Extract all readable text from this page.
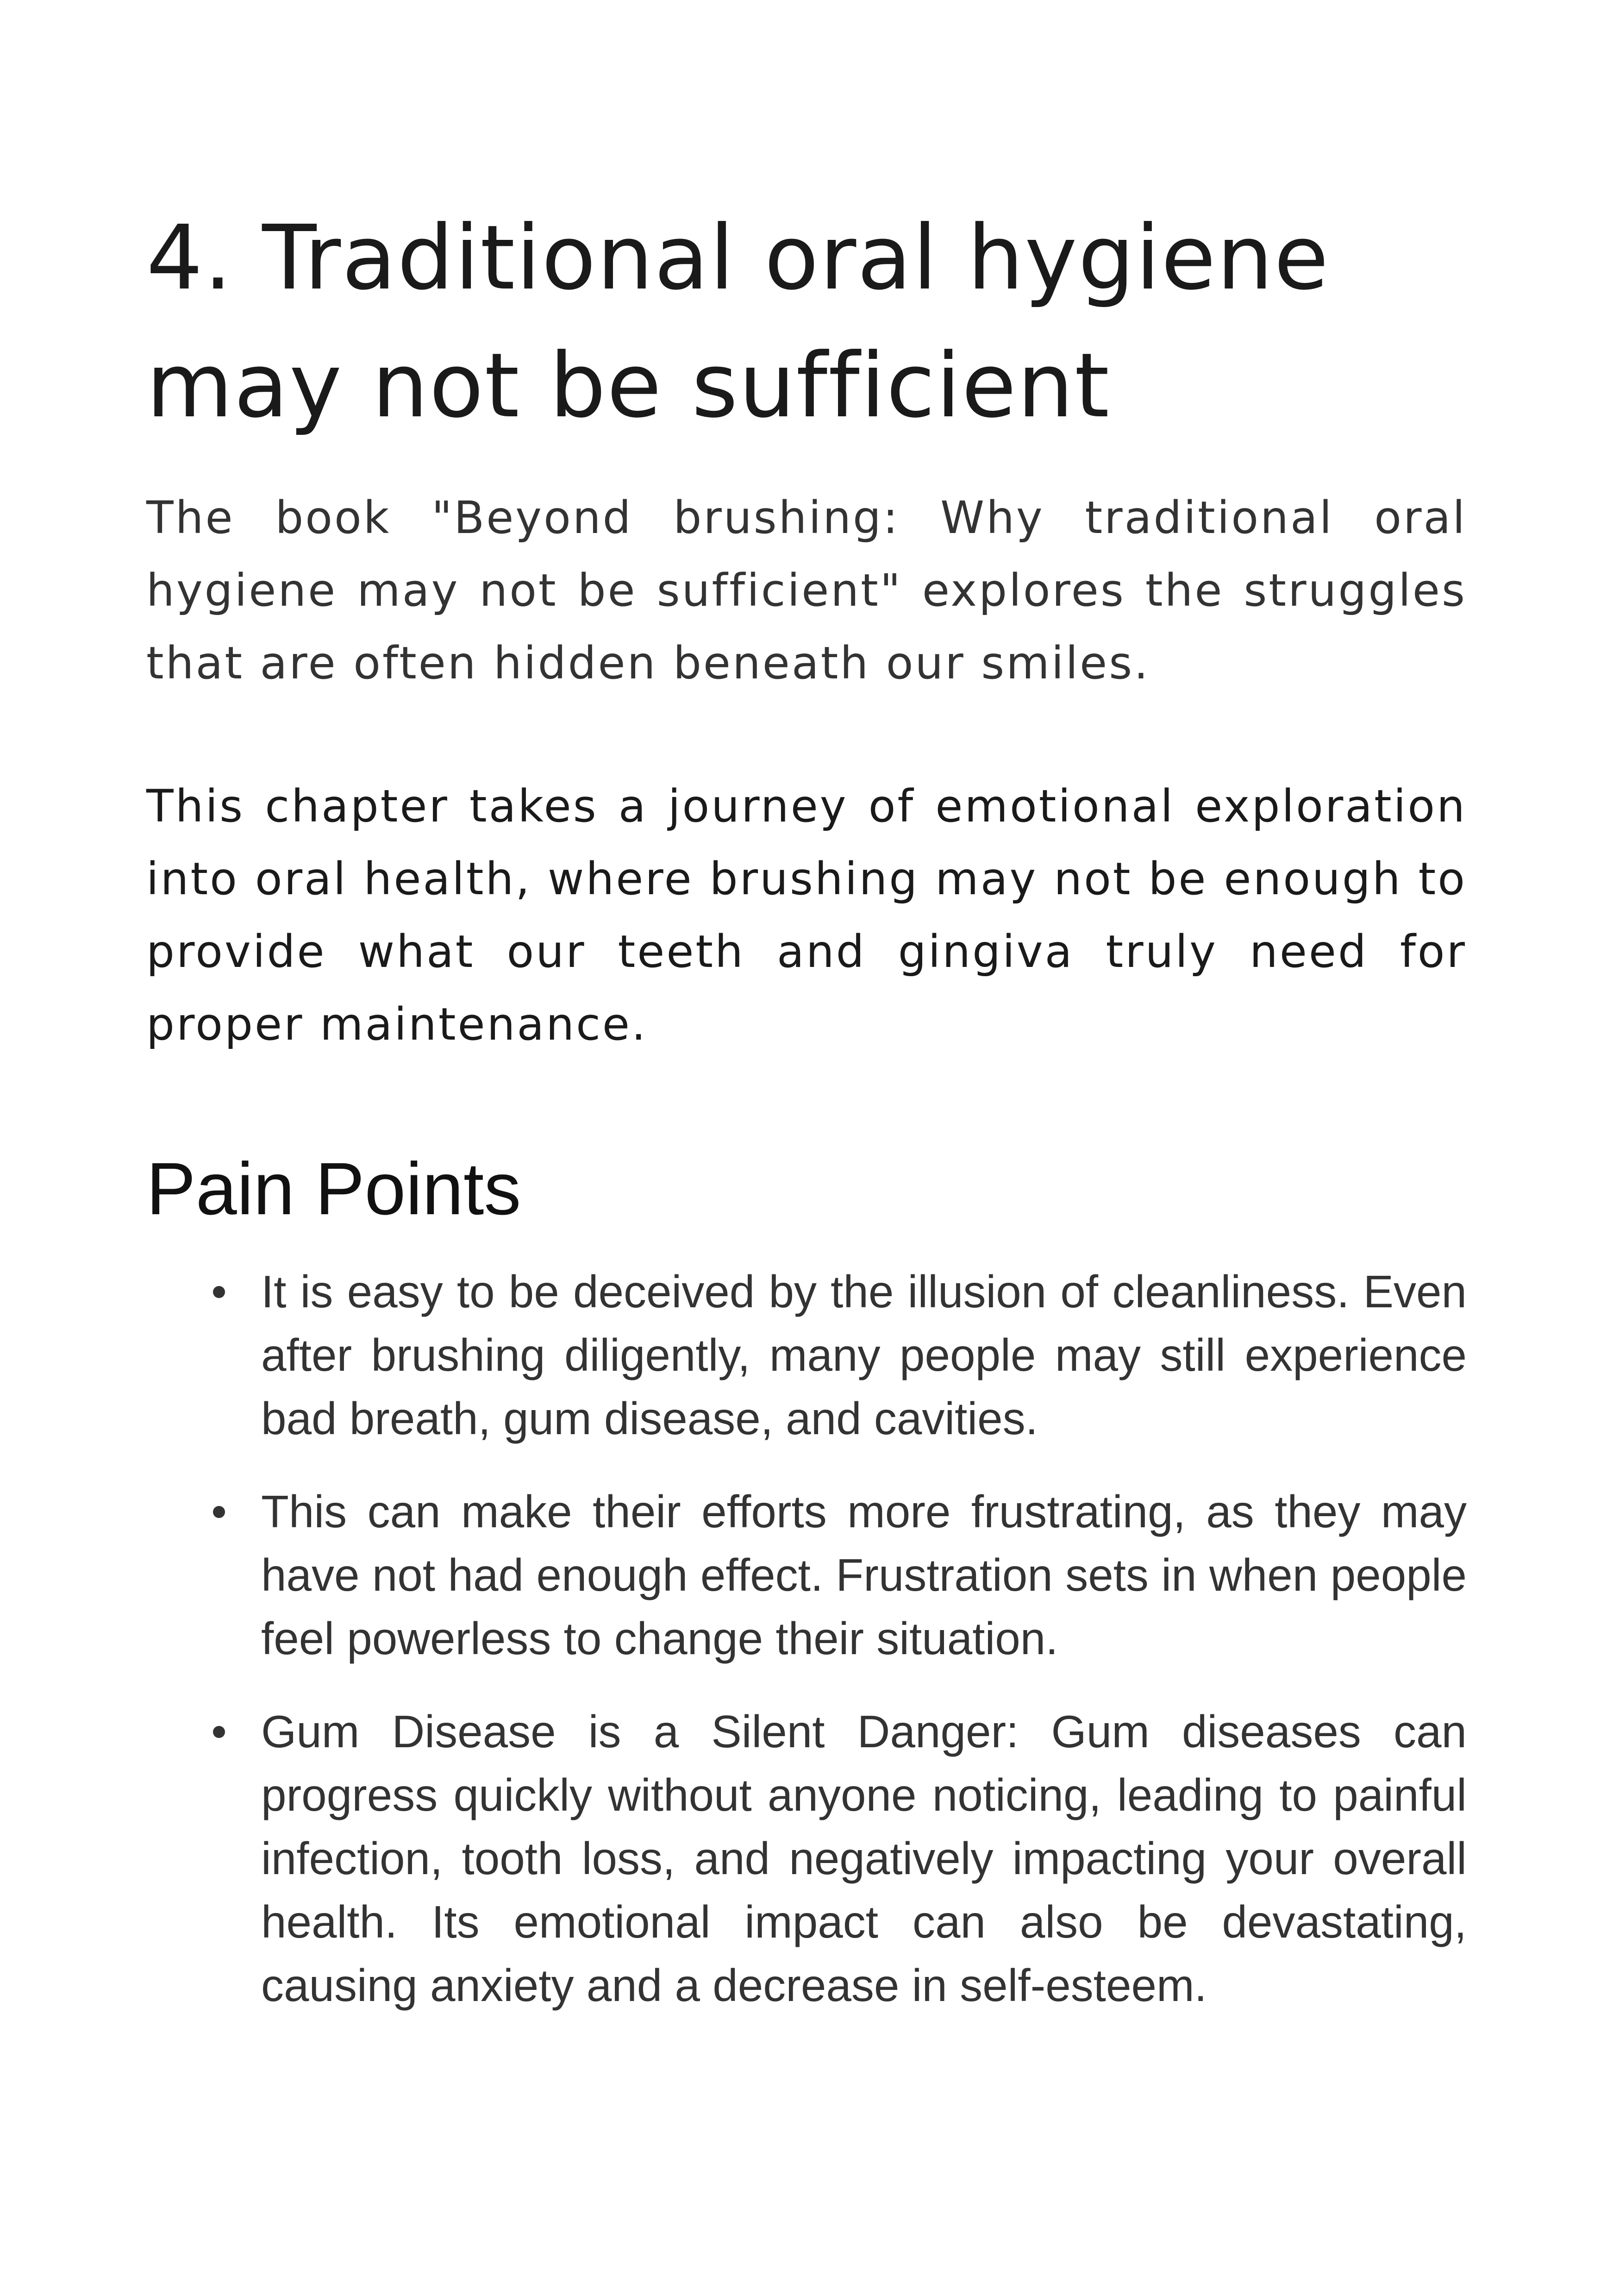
4. Traditional oral hygiene
may not be sufficient

The book "Beyond brushing: Why traditional oral hygiene may not be sufficient" explores the struggles that are often hidden beneath our smiles.

This chapter takes a journey of emotional exploration into oral health, where brushing may not be enough to provide what our teeth and gingiva truly need for proper maintenance.

Pain Points
It is easy to be deceived by the illusion of cleanliness. Even after brushing diligently, many people may still experience bad breath, gum disease, and cavities.
This can make their efforts more frustrating, as they may have not had enough effect. Frustration sets in when people feel powerless to change their situation.
Gum Disease is a Silent Danger: Gum diseases can progress quickly without anyone noticing, leading to painful infection, tooth loss, and negatively impacting your overall health. Its emotional impact can also be devastating, causing anxiety and a decrease in self-esteem.
